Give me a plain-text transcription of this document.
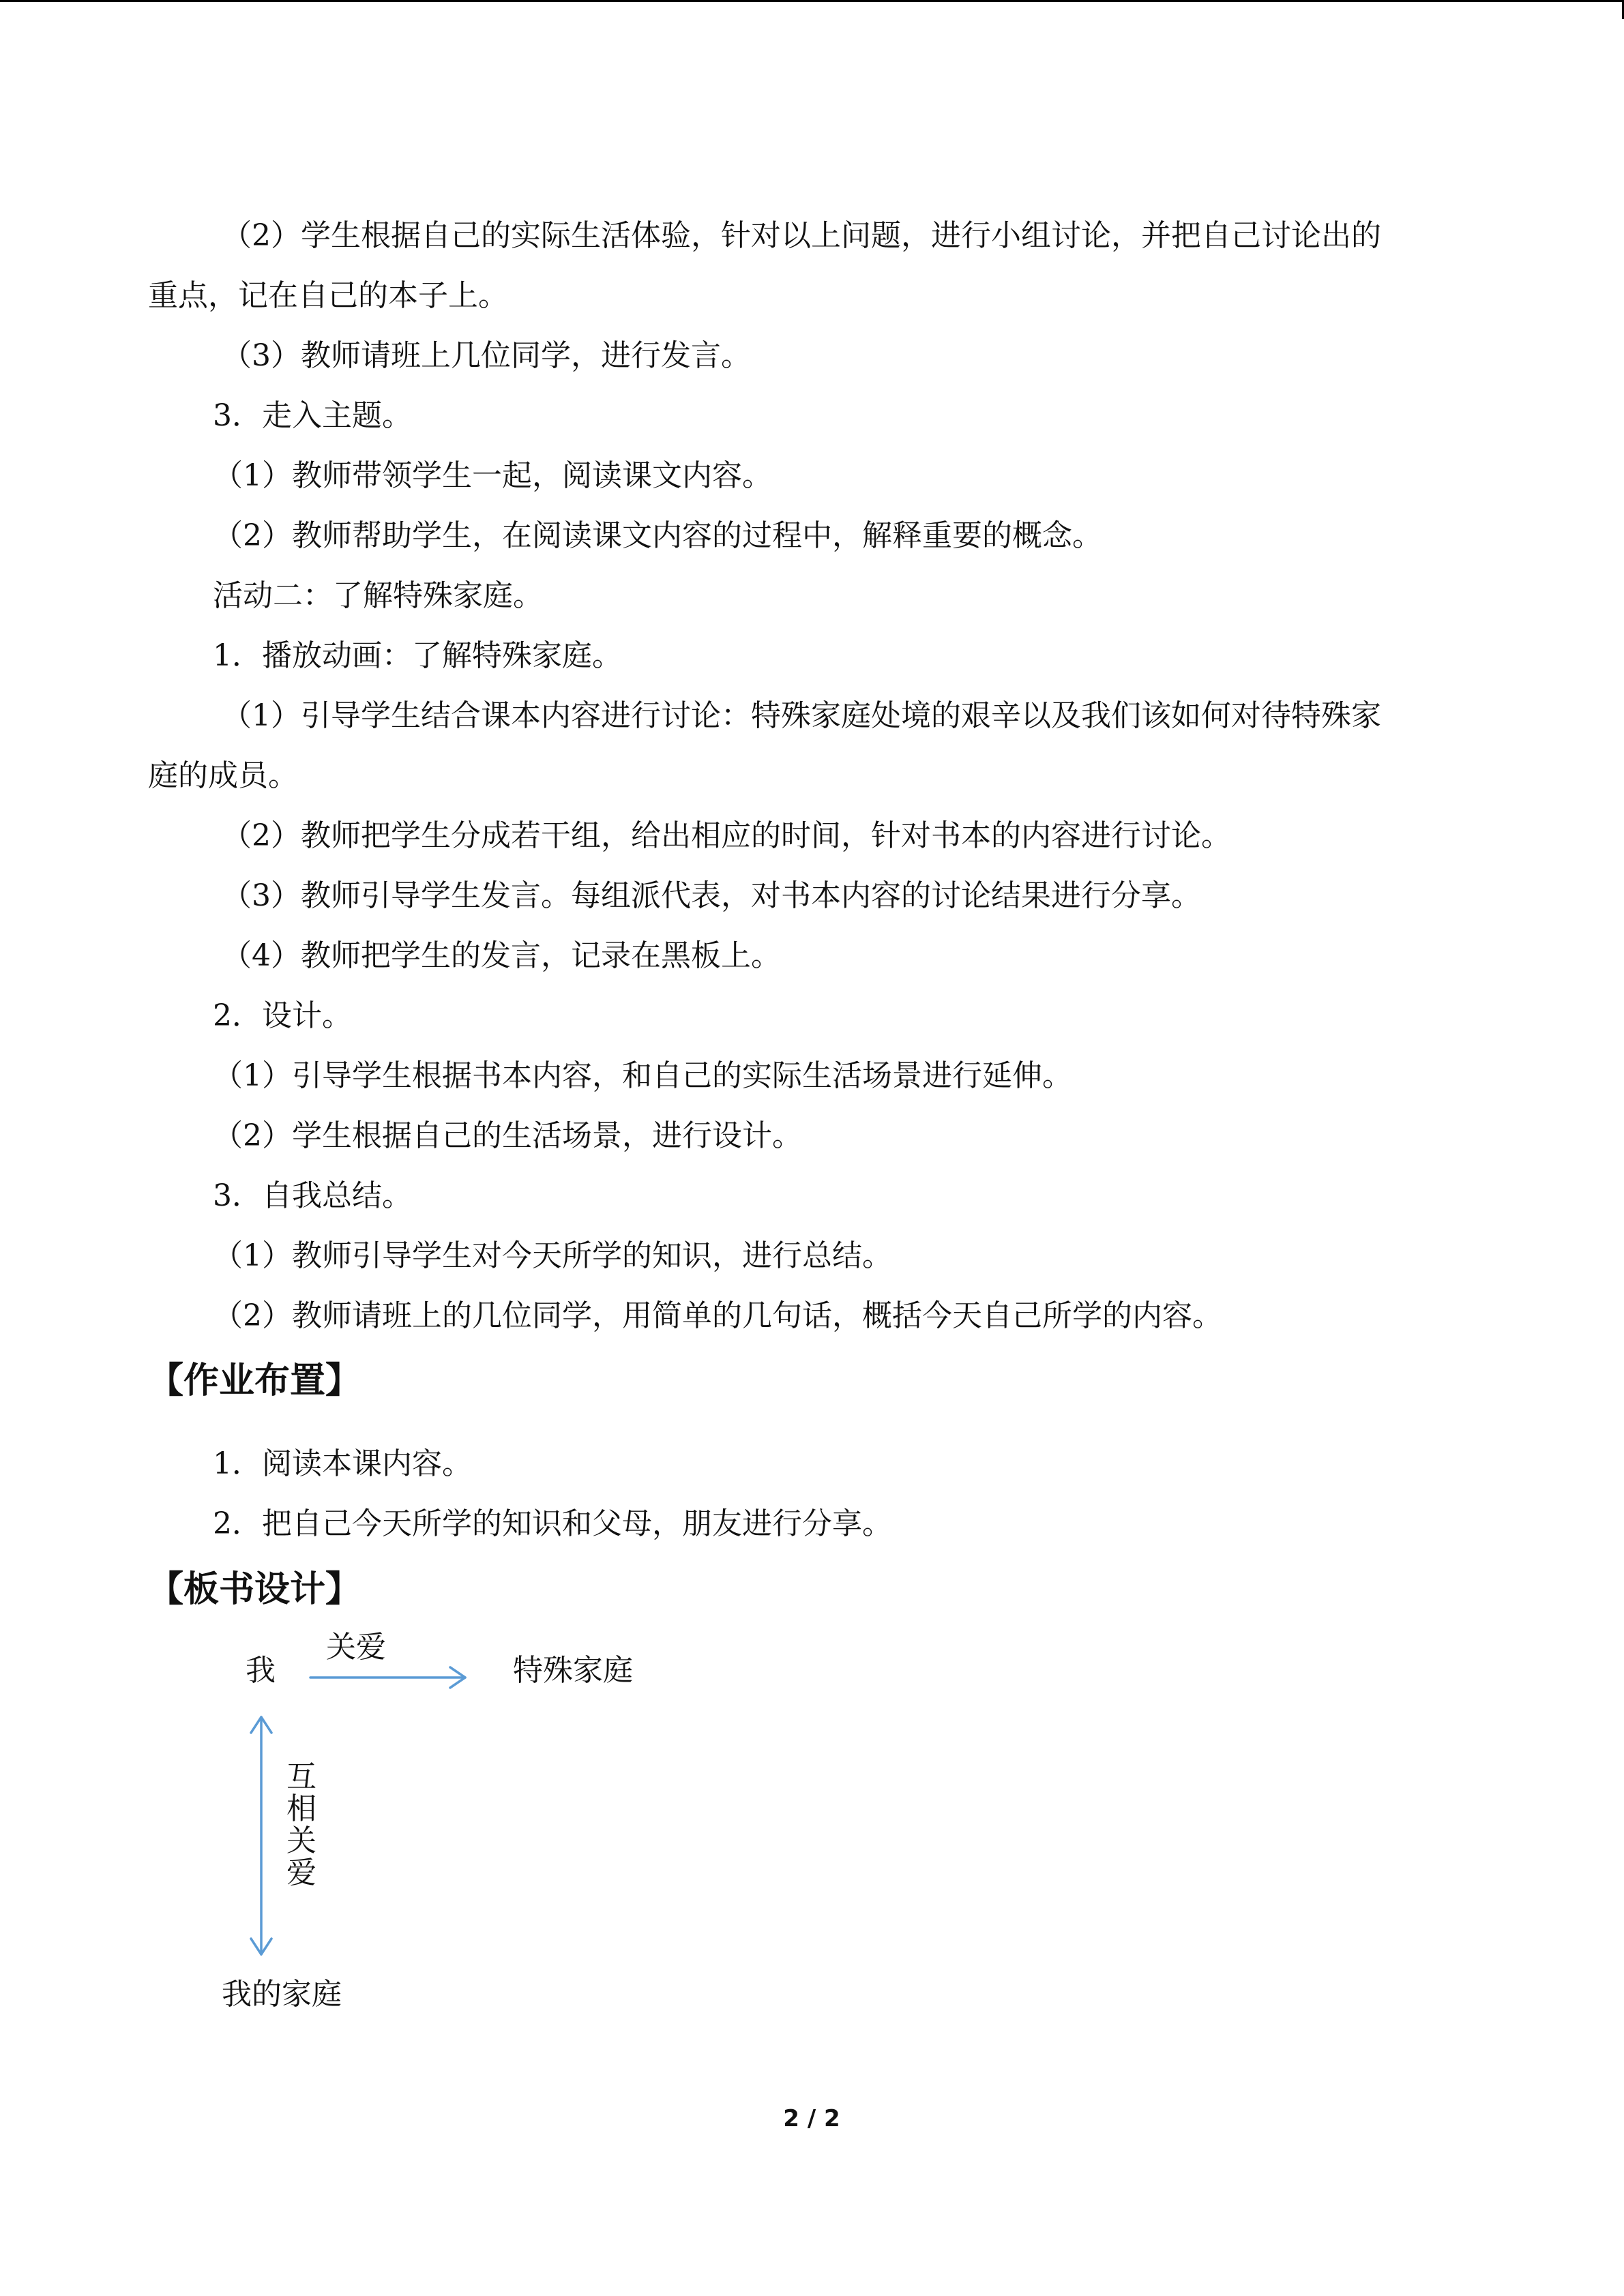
（2）学生根据自己的实际生活体验，针对以上问题，进行小组讨论，并把自己讨论出的
重点，记在自己的本子上。
（3）教师请班上几位同学，进行发言。
3．走入主题。
（1）教师带领学生一起，阅读课文内容。
（2）教师帮助学生，在阅读课文内容的过程中，解释重要的概念。
活动二：了解特殊家庭。
1．播放动画：了解特殊家庭。
（1）引导学生结合课本内容进行讨论：特殊家庭处境的艰辛以及我们该如何对待特殊家
庭的成员。
（2）教师把学生分成若干组，给出相应的时间，针对书本的内容进行讨论。
（3）教师引导学生发言。每组派代表，对书本内容的讨论结果进行分享。
（4）教师把学生的发言，记录在黑板上。
2．设计。
（1）引导学生根据书本内容，和自己的实际生活场景进行延伸。
（2）学生根据自己的生活场景，进行设计。
3．自我总结。
（1）教师引导学生对今天所学的知识，进行总结。
（2）教师请班上的几位同学，用简单的几句话，概括今天自己所学的内容。
【作业布置】
1．阅读本课内容。
2．把自己今天所学的知识和父母，朋友进行分享。
【板书设计】
我
关爱
特殊家庭
互
相
关
爱
我的家庭
2 / 2
